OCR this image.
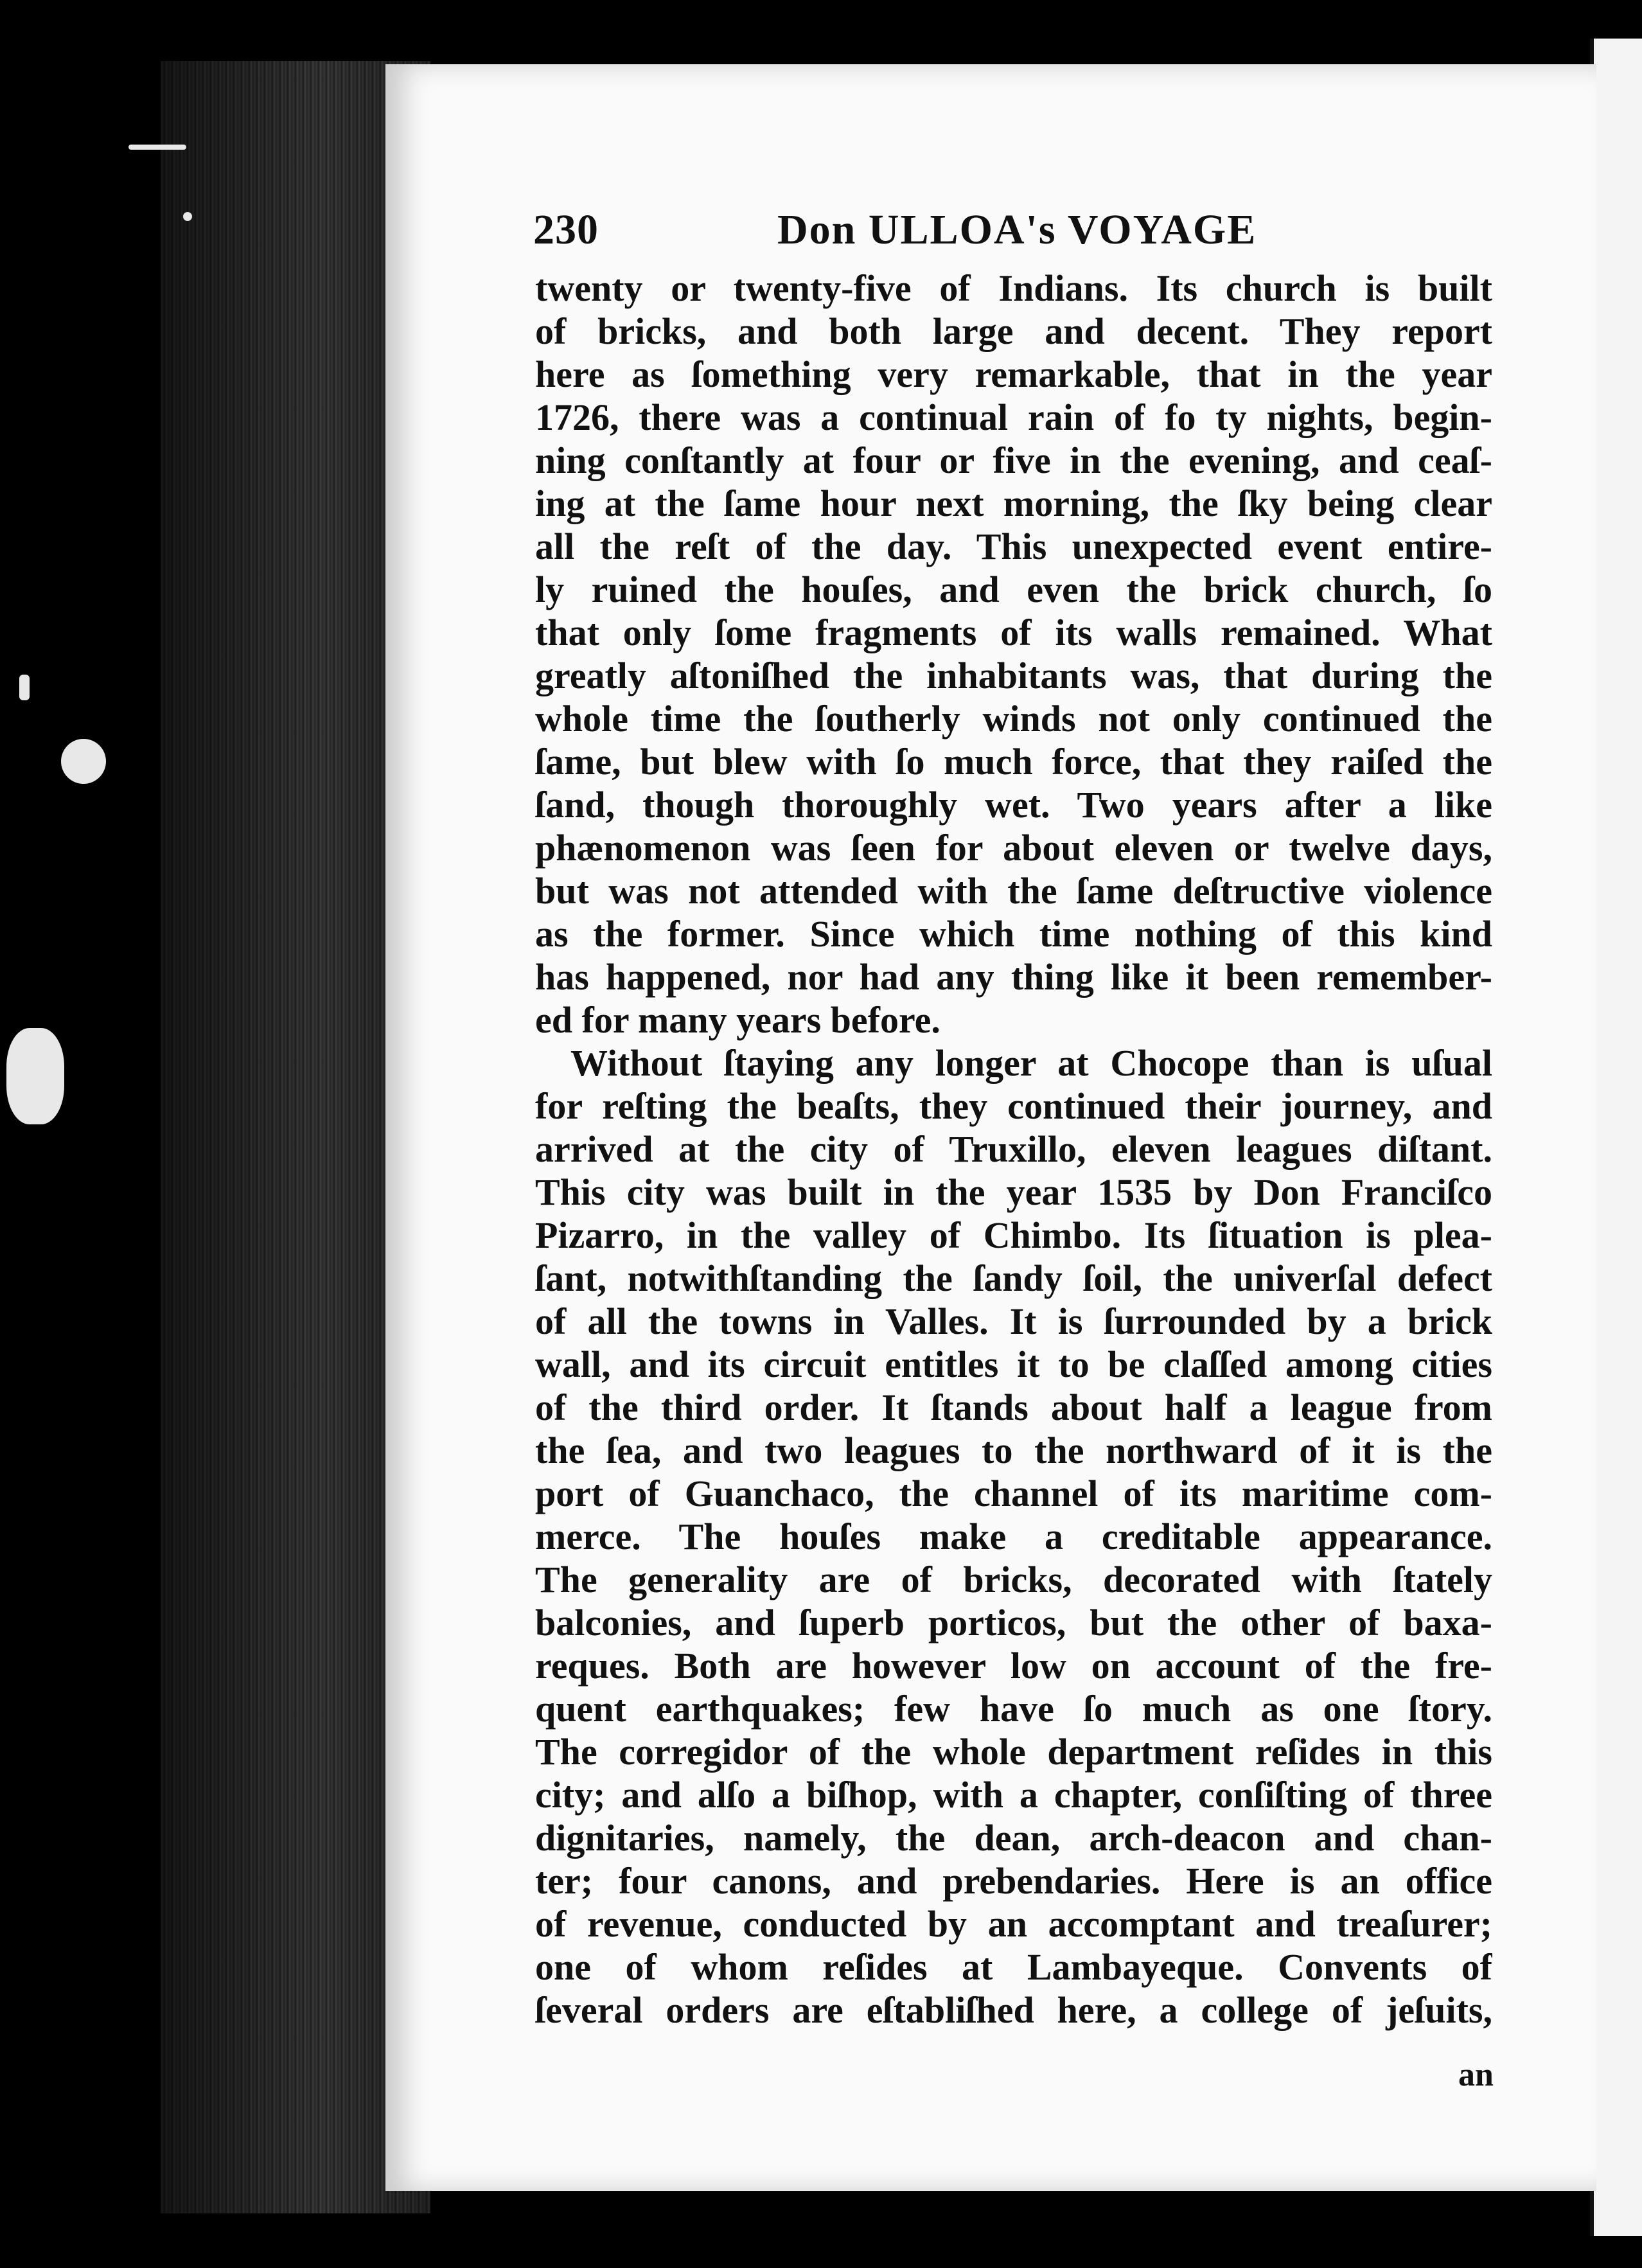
230	Don ULLOA's VOYAGE
twenty or twenty-five of Indians. Its church is built
of bricks, and both large and decent. They report
here as ſomething very remarkable, that in the year
1726, there was a continual rain of fo ty nights, begin-
ning conſtantly at four or five in the evening, and ceaſ-
ing at the ſame hour next morning, the ſky being clear
all the reſt of the day. This unexpected event entire-
ly ruined the houſes, and even the brick church, ſo
that only ſome fragments of its walls remained. What
greatly aſtoniſhed the inhabitants was, that during the
whole time the ſoutherly winds not only continued the
ſame, but blew with ſo much force, that they raiſed the
ſand, though thoroughly wet. Two years after a like
phænomenon was ſeen for about eleven or twelve days,
but was not attended with the ſame deſtructive violence
as the former. Since which time nothing of this kind
has happened, nor had any thing like it been remember-
ed for many years before.
Without ſtaying any longer at Chocope than is uſual
for reſting the beaſts, they continued their journey, and
arrived at the city of Truxillo, eleven leagues diſtant.
This city was built in the year 1535 by Don Franciſco
Pizarro, in the valley of Chimbo. Its ſituation is plea-
ſant, notwithſtanding the ſandy ſoil, the univerſal defect
of all the towns in Valles. It is ſurrounded by a brick
wall, and its circuit entitles it to be claſſed among cities
of the third order. It ſtands about half a league from
the ſea, and two leagues to the northward of it is the
port of Guanchaco, the channel of its maritime com-
merce. The houſes make a creditable appearance.
The generality are of bricks, decorated with ſtately
balconies, and ſuperb porticos, but the other of baxa-
reques. Both are however low on account of the fre-
quent earthquakes; few have ſo much as one ſtory.
The corregidor of the whole department reſides in this
city; and alſo a biſhop, with a chapter, conſiſting of three
dignitaries, namely, the dean, arch-deacon and chan-
ter; four canons, and prebendaries. Here is an office
of revenue, conducted by an accomptant and treaſurer;
one of whom reſides at Lambayeque. Convents of
ſeveral orders are eſtabliſhed here, a college of jeſuits,
an
